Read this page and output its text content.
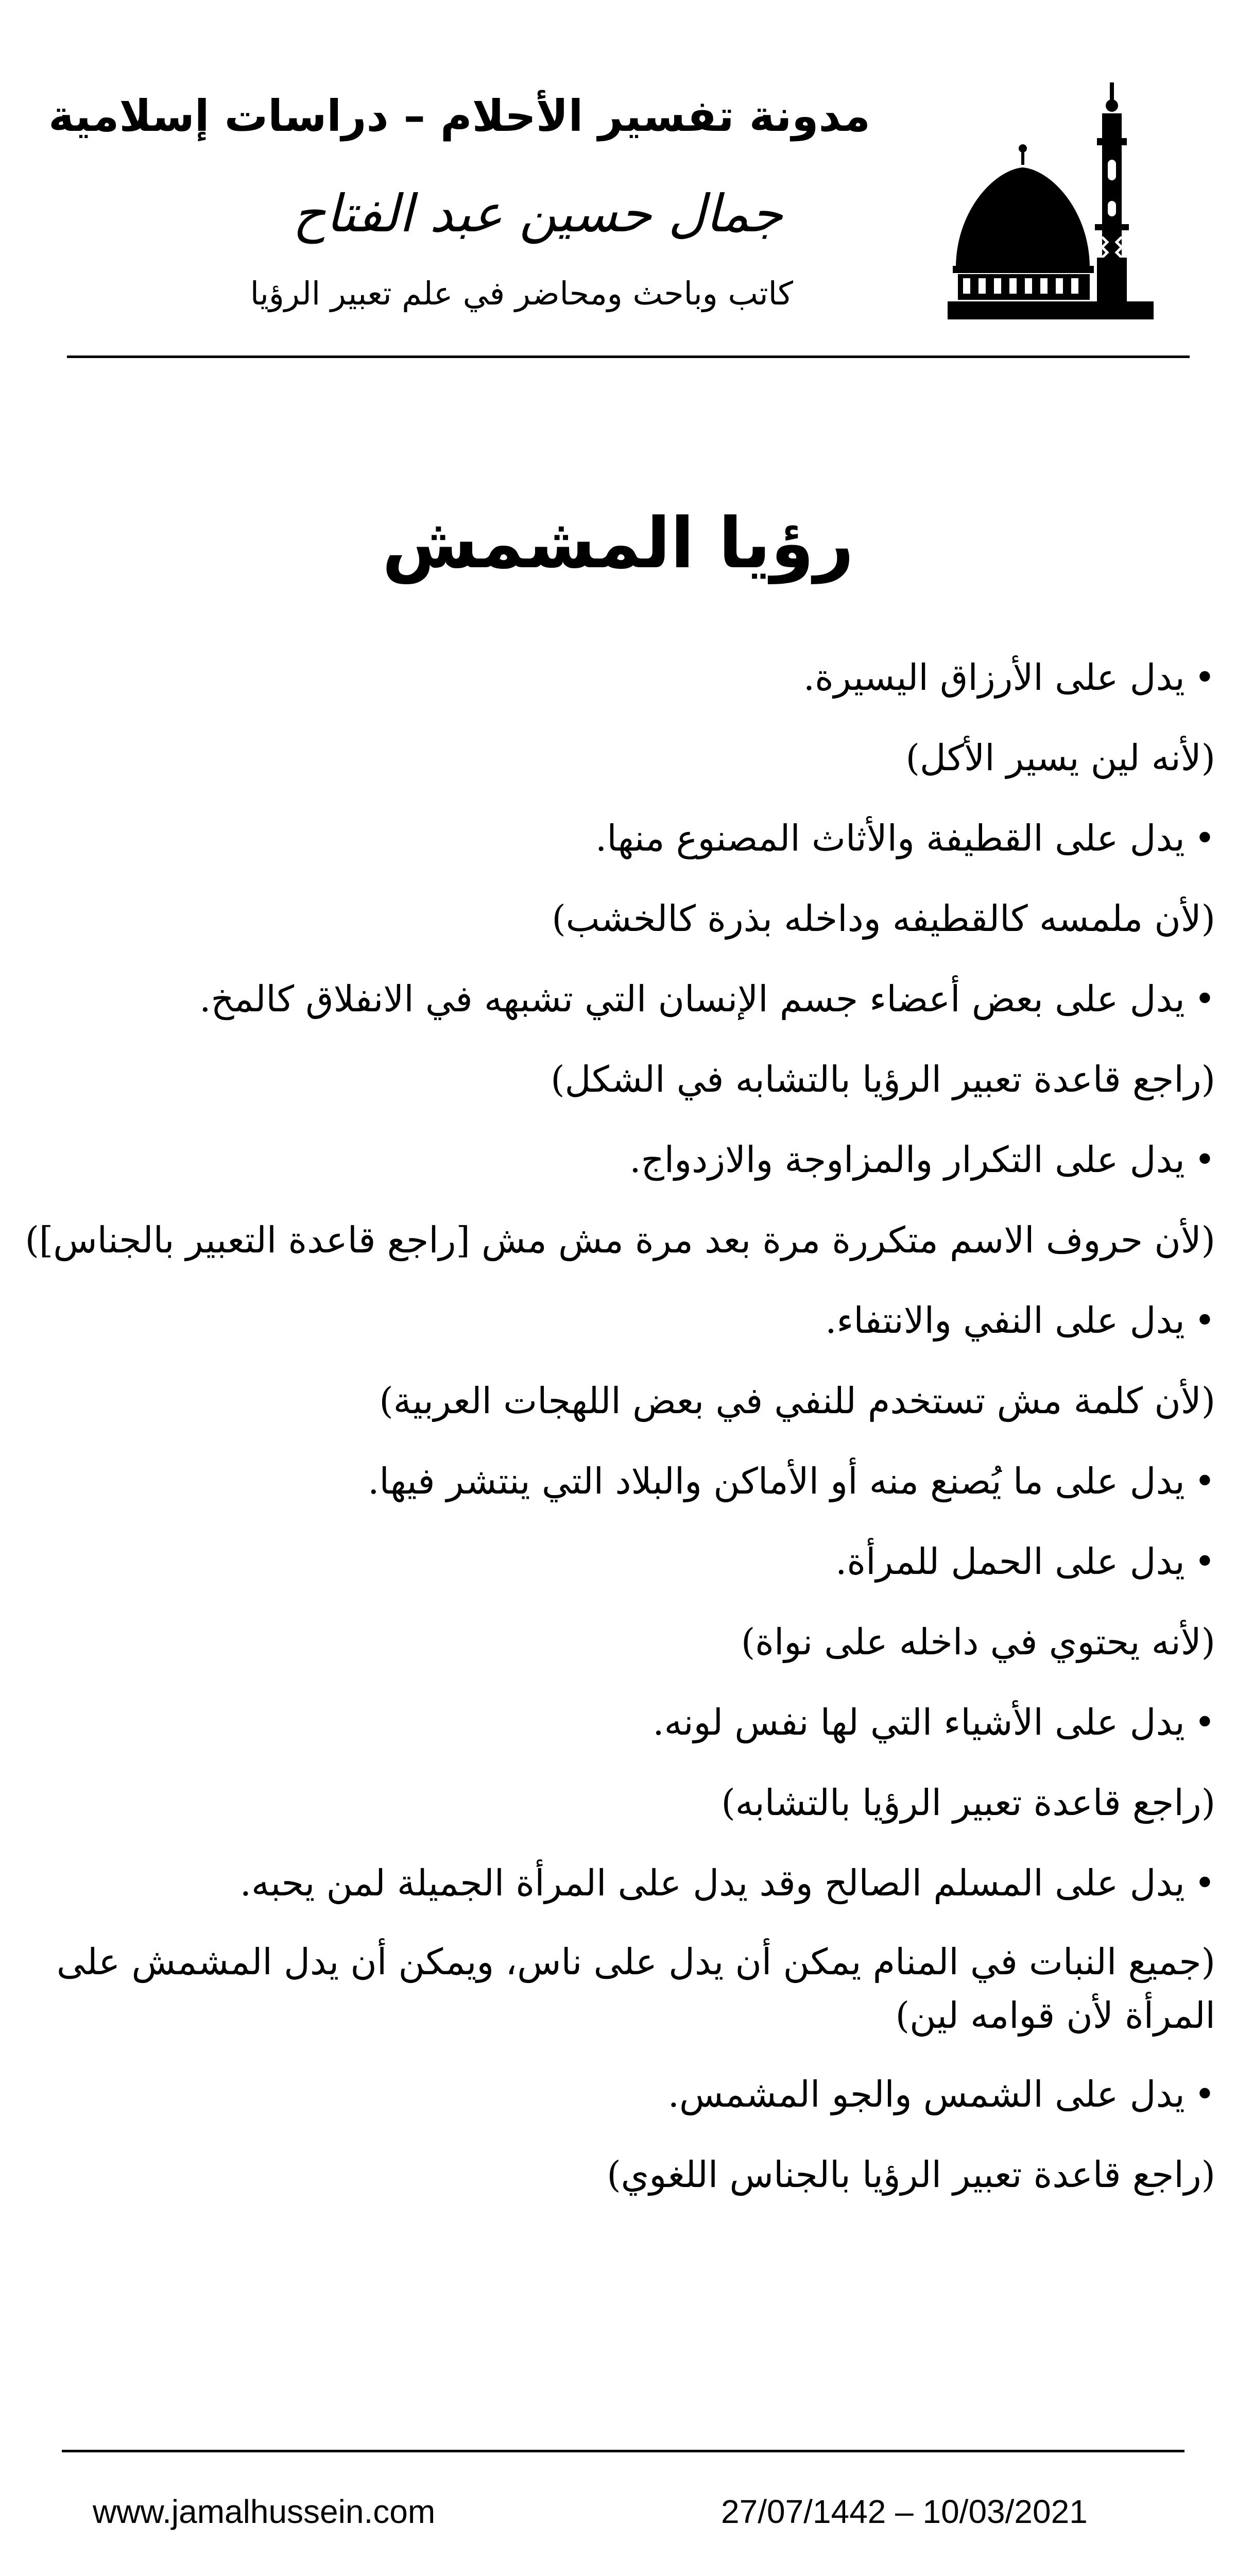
مدونة تفسير الأحلام – دراسات إسلامية
جمال حسين عبد الفتاح
كاتب وباحث ومحاضر في علم تعبير الرؤيا
رؤيا المشمش
•يدل على الأرزاق اليسيرة.
(لأنه لين يسير الأكل)
•يدل على القطيفة والأثاث المصنوع منها.
(لأن ملمسه كالقطيفه وداخله بذرة كالخشب)
•يدل على بعض أعضاء جسم الإنسان التي تشبهه في الانفلاق كالمخ.
(راجع قاعدة تعبير الرؤيا بالتشابه في الشكل)
•يدل على التكرار والمزاوجة والازدواج.
(لأن حروف الاسم متكررة مرة بعد مرة مش مش [راجع قاعدة التعبير بالجناس])
•يدل على النفي والانتفاء.
(لأن كلمة مش تستخدم للنفي في بعض اللهجات العربية)
•يدل على ما يُصنع منه أو الأماكن والبلاد التي ينتشر فيها.
•يدل على الحمل للمرأة.
(لأنه يحتوي في داخله على نواة)
•يدل على الأشياء التي لها نفس لونه.
(راجع قاعدة تعبير الرؤيا بالتشابه)
•يدل على المسلم الصالح وقد يدل على المرأة الجميلة لمن يحبه.
(جميع النبات في المنام يمكن أن يدل على ناس، ويمكن أن يدل المشمش على المرأة لأن قوامه لين)
•يدل على الشمس والجو المشمس.
(راجع قاعدة تعبير الرؤيا بالجناس اللغوي)
www.jamalhussein.com	27/07/1442 – 10/03/2021
